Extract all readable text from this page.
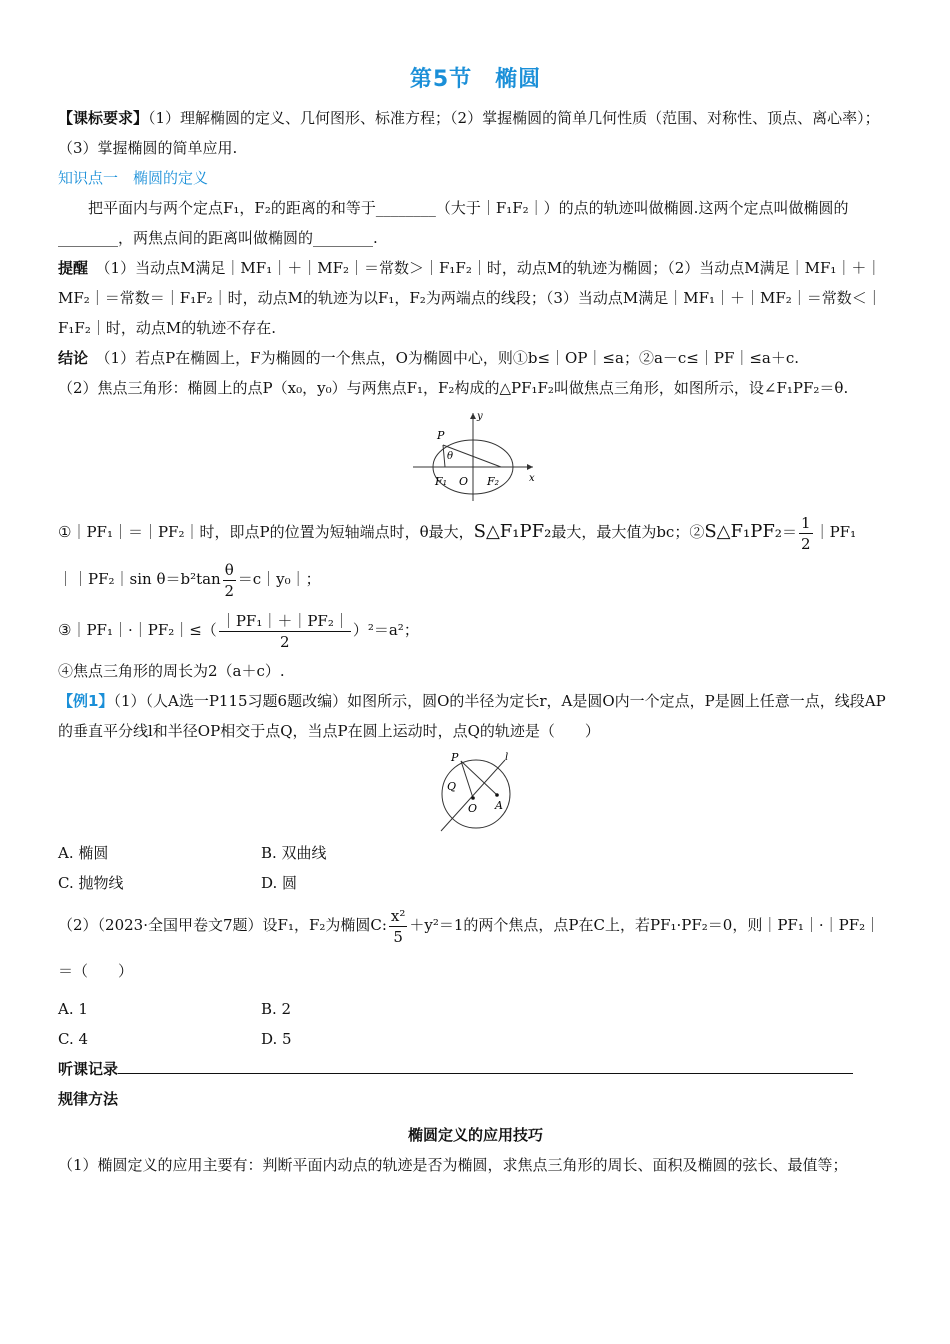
第5节　椭圆

【课标要求】（1）理解椭圆的定义、几何图形、标准方程；（2）掌握椭圆的简单几何性质（范围、对称性、顶点、离心率）；（3）掌握椭圆的简单应用.

知识点一　椭圆的定义

把平面内与两个定点F₁，F₂的距离的和等于________（大于｜F₁F₂｜）的点的轨迹叫做椭圆.这两个定点叫做椭圆的________，两焦点间的距离叫做椭圆的________.

提醒　 （1）当动点M满足｜MF₁｜＋｜MF₂｜＝常数＞｜F₁F₂｜时，动点M的轨迹为椭圆；（2）当动点M满足｜MF₁｜＋｜MF₂｜＝常数＝｜F₁F₂｜时，动点M的轨迹为以F₁，F₂为两端点的线段；（3）当动点M满足｜MF₁｜＋｜MF₂｜＝常数＜｜F₁F₂｜时，动点M的轨迹不存在.

结论　 （1）若点P在椭圆上，F为椭圆的一个焦点，O为椭圆中心，则①b≤｜OP｜≤a；②a－c≤｜PF｜≤a＋c.

（2）焦点三角形：椭圆上的点P（x₀，y₀）与两焦点F₁，F₂构成的△PF₁F₂叫做焦点三角形，如图所示，设∠F₁PF₂＝θ.

P
θ
y
x
F₁ O F₂

①｜PF₁｜＝｜PF₂｜时，即点P的位置为短轴端点时，θ最大，S△F₁PF₂最大，最大值为bc；②S△F₁PF₂＝ $\frac{1}{2}$ ｜PF₁

｜｜PF₂｜sin $\theta=b^2\tan \frac{\theta}{2}$ ＝c｜y₀｜；

③｜PF₁｜·｜PF₂｜≤（ $\frac{\text{｜PF₁｜＋｜PF₂｜}}{2} )^2=a^2$；

④焦点三角形的周长为2（a＋c）.

【例1】（1）（人A选一P115习题6题改编）如图所示，圆O的半径为定长r，A是圆O内一个定点，P是圆上任意一点，线段AP的垂直平分线l和半径OP相交于点Q，当点P在圆上运动时，点Q的轨迹是（　　）

P	l
Q
O A
A. 椭圆	B. 双曲线
C. 抛物线	D. 圆

（2）（2023·全国甲卷文7题）设F₁，F₂为椭圆C: $\frac{\text{x²}}{5} +y^2=1$的两个焦点，点P在C上，若PF₁·PF₂＝0，则｜PF₁｜·｜PF₂｜＝（　　）

A. 1	B. 2
C. 4	D. 5

听课记录

规律方法

椭圆定义的应用技巧

（1）椭圆定义的应用主要有：判断平面内动点的轨迹是否为椭圆，求焦点三角形的周长、面积及椭圆的弦长、最值等；
